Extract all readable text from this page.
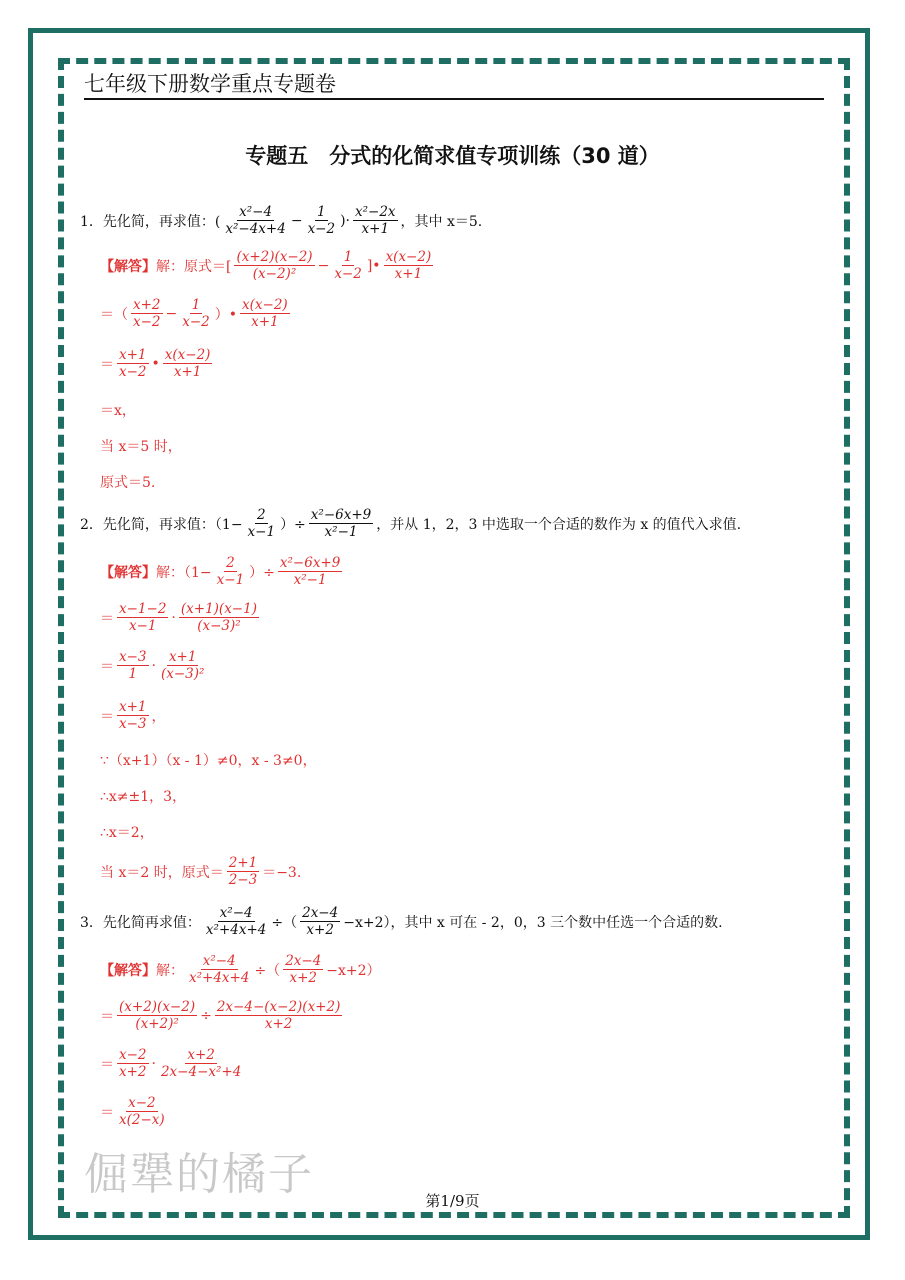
七年级下册数学重点专题卷
专题五　分式的化简求值专项训练（30 道）
1．先化简，再求值：( $\frac{\text{x²−4}}{\text{x²−4x+4}} - \frac{1}{x-2}$ )· $\frac{\text{x²−2x}}{x+1}$ ，其中 x＝5.
【解答】 解：原式＝[ $\frac{(x+2)(x-2)}{\text{(x−2)²}} - \frac{1}{x-2}$ ]• $\frac{x(x-2)}{x+1}$
＝（ $\frac{x+2}{x-2} - \frac{1}{x-2}$ ）• $\frac{x(x-2)}{x+1}$
＝ $\frac{x+1}{x-2}$ • $\frac{x(x-2)}{x+1}$
＝x，
当 x＝5 时，
原式＝5.
2．先化简，再求值：（$1- \frac{2}{x-1}$ ）÷ $\frac{\text{x²−6x+9}}{\text{x²−1}}$ ，并从 1，2，3 中选取一个合适的数作为 x 的值代入求值.
【解答】 解：（$1- \frac{2}{x-1}$ ）÷ $\frac{\text{x²−6x+9}}{\text{x²−1}}$
＝ $\frac{x-1-2}{x-1} \cdot \frac{(x+1)(x-1)}{\text{(x−3)²}}$
＝ $\frac{x-3}{1} \cdot \frac{x+1}{\text{(x−3)²}}$
＝ $\frac{x+1}{x-3}$ ，
∵（x+1）（x - 1）≠0，x - 3≠0，
∴x≠±1，3，
∴x＝2，
当 x＝2 时，原式＝ $\frac{2+1}{2-3} =-3$.
3．先化简再求值： $\frac{\text{x²−4}}{\text{x²+4x+4}}$ ÷（ $\frac{2x-4}{x+2} -x+2$），其中 x 可在 - 2，0，3 三个数中任选一个合适的数.
【解答】 解： $\frac{\text{x²−4}}{\text{x²+4x+4}}$ ÷（ $\frac{2x-4}{x+2} -x+2$）
＝ $\frac{(x+2)(x-2)}{\text{(x+2)²}} \div \frac{2x-4-(x-2)(x+2)}{x+2}$
＝ $\frac{x-2}{x+2} \cdot \frac{x+2}{\text{2x−4−x²+4}}$
＝ $\frac{x-2}{x(2-x)}$
倔犟的橘子
第1/9页
